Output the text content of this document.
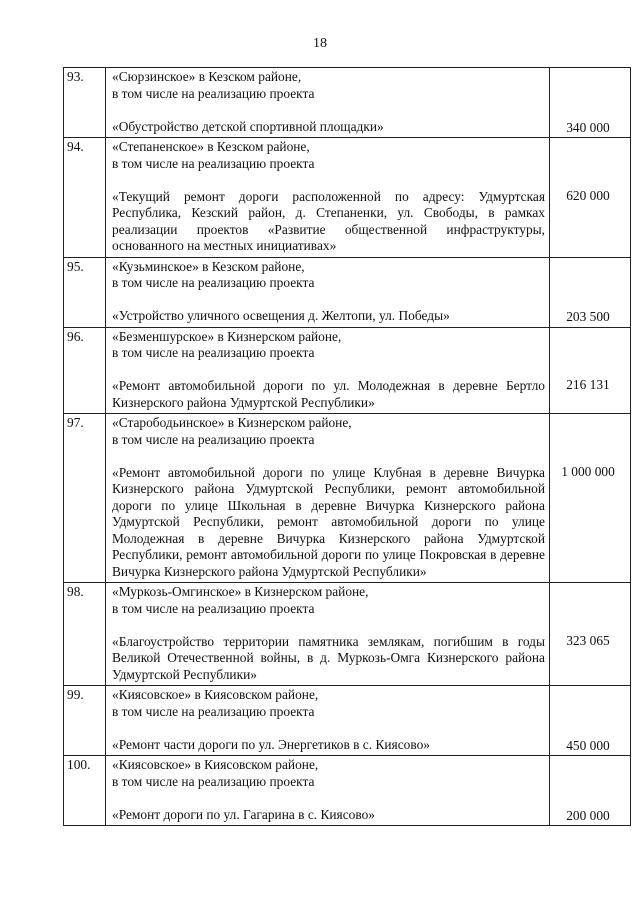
18
93.	«Сюрзинское» в Кезском районе,
в том числе на реализацию проекта
«Обустройство детской спортивной площадки»	340 000

94.	«Степаненское» в Кезском районе,
в том числе на реализацию проекта
«Текущий ремонт дороги расположенной по адресу: Удмуртская Республика, Кезский район, д. Степаненки, ул. Свободы, в рамках реализации проектов «Развитие общественной инфраструктуры, основанного на местных инициативах»	620 000

95.	«Кузьминское» в Кезском районе,
в том числе на реализацию проекта
«Устройство уличного освещения д. Желтопи, ул. Победы»	203 500

96.	«Безменшурское» в Кизнерском районе,
в том числе на реализацию проекта
«Ремонт автомобильной дороги по ул. Молодежная в деревне Бертло Кизнерского района Удмуртской Республики»	216 131

97.	«Старободьинское» в Кизнерском районе,
в том числе на реализацию проекта
«Ремонт автомобильной дороги по улице Клубная в деревне Вичурка Кизнерского района Удмуртской Республики, ремонт автомобильной дороги по улице Школьная в деревне Вичурка Кизнерского района Удмуртской Республики, ремонт автомобильной дороги по улице Молодежная в деревне Вичурка Кизнерского района Удмуртской Республики, ремонт автомобильной дороги по улице Покровская в деревне Вичурка Кизнерского района Удмуртской Республики»	1 000 000

98.	«Муркозь-Омгинское» в Кизнерском районе,
в том числе на реализацию проекта
«Благоустройство территории памятника землякам, погибшим в годы Великой Отечественной войны, в д. Муркозь-Омга Кизнерского района Удмуртской Республики»	323 065

99.	«Киясовское» в Киясовском районе,
в том числе на реализацию проекта
«Ремонт части дороги по ул. Энергетиков в с. Киясово»	450 000

100.	«Киясовское» в Киясовском районе,
в том числе на реализацию проекта
«Ремонт дороги по ул. Гагарина в с. Киясово»	200 000
